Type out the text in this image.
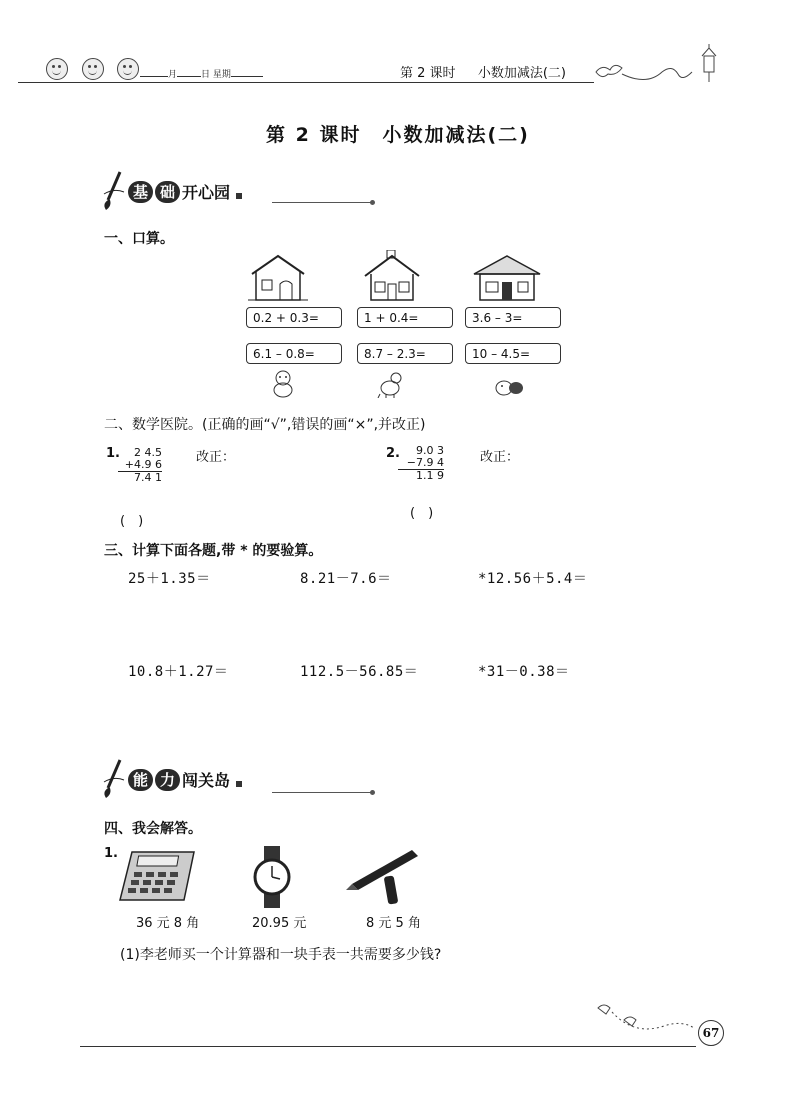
月	日 星期	第 2 课时 小数加减法(二)
第 2 课时　小数加减法(二)
基 础 开心园
一、口算。
0.2 + 0.3=	1 + 0.4=	3.6 – 3=
6.1 – 0.8=	8.7 – 2.3=	10 – 4.5=
二、数学医院。(正确的画“√”,错误的画“×”,并改正)
1.	2 4.5
+4.9 6
7.4 1
改正：
(　)
2.	9.0 3
−7.9 4
1.1 9
改正：
(　)
三、计算下面各题,带 * 的要验算。
25＋1.35＝	8.21－7.6＝	*12.56＋5.4＝
10.8＋1.27＝	112.5－56.85＝	*31－0.38＝
能 力 闯关岛
四、我会解答。
1.
36 元 8 角	20.95 元	8 元 5 角
(1)李老师买一个计算器和一块手表一共需要多少钱?
67
